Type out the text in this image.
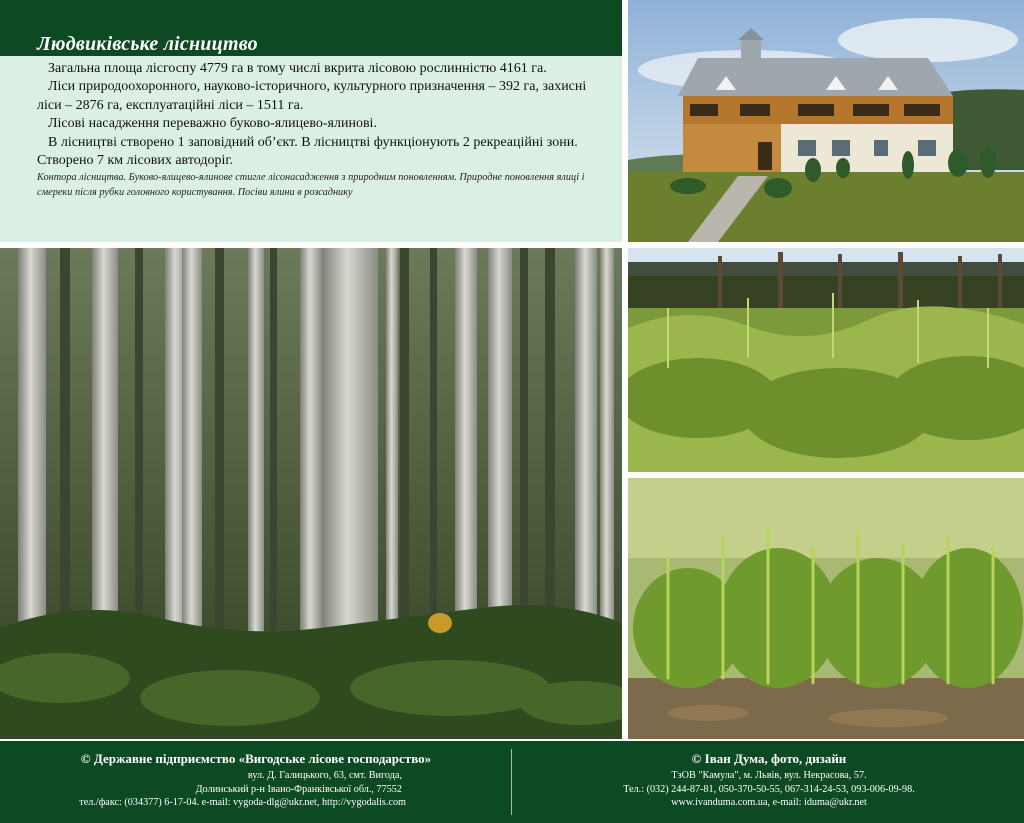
Людвиківське лісництво

Загальна площа лісгоспу 4779 га в тому числі вкрита лісовою рослинністю 4161 га.

Ліси природоохоронного, науково-історичного, культурного призначення – 392 га, захисні ліси – 2876 га, експлуатаційні ліси – 1511 га.

Лісові насадження переважно буково-ялицево-ялинові.

В лісництві створено 1 заповідний об’єкт. В лісництві функціонують 2 рекреаційні зони. Створено 7 км лісових автодоріг.

Контора лісництва. Буково-ялицево-ялинове стигле лісонасадження з природним поновленням. Природне поновлення ялиці і смереки після рубки головного користування. Посіви ялини в розсаднику
© Державне підприємство «Вигодське лісове господарство»
вул. Д. Галицького, 63, смт. Вигода,
Долинський р-н Івано-Франківської обл., 77552
тел./факс: (034377) 6-17-04. e-mail: vygoda-dlg@ukr.net, http://vygodalis.com
© Іван Дума, фото, дизайн
ТзОВ "Камула", м. Львів, вул. Некрасова, 57.
Тел.: (032) 244-87-81, 050-370-50-55, 067-314-24-53, 093-006-09-98.
www.ivanduma.com.ua, e-mail: iduma@ukr.net
